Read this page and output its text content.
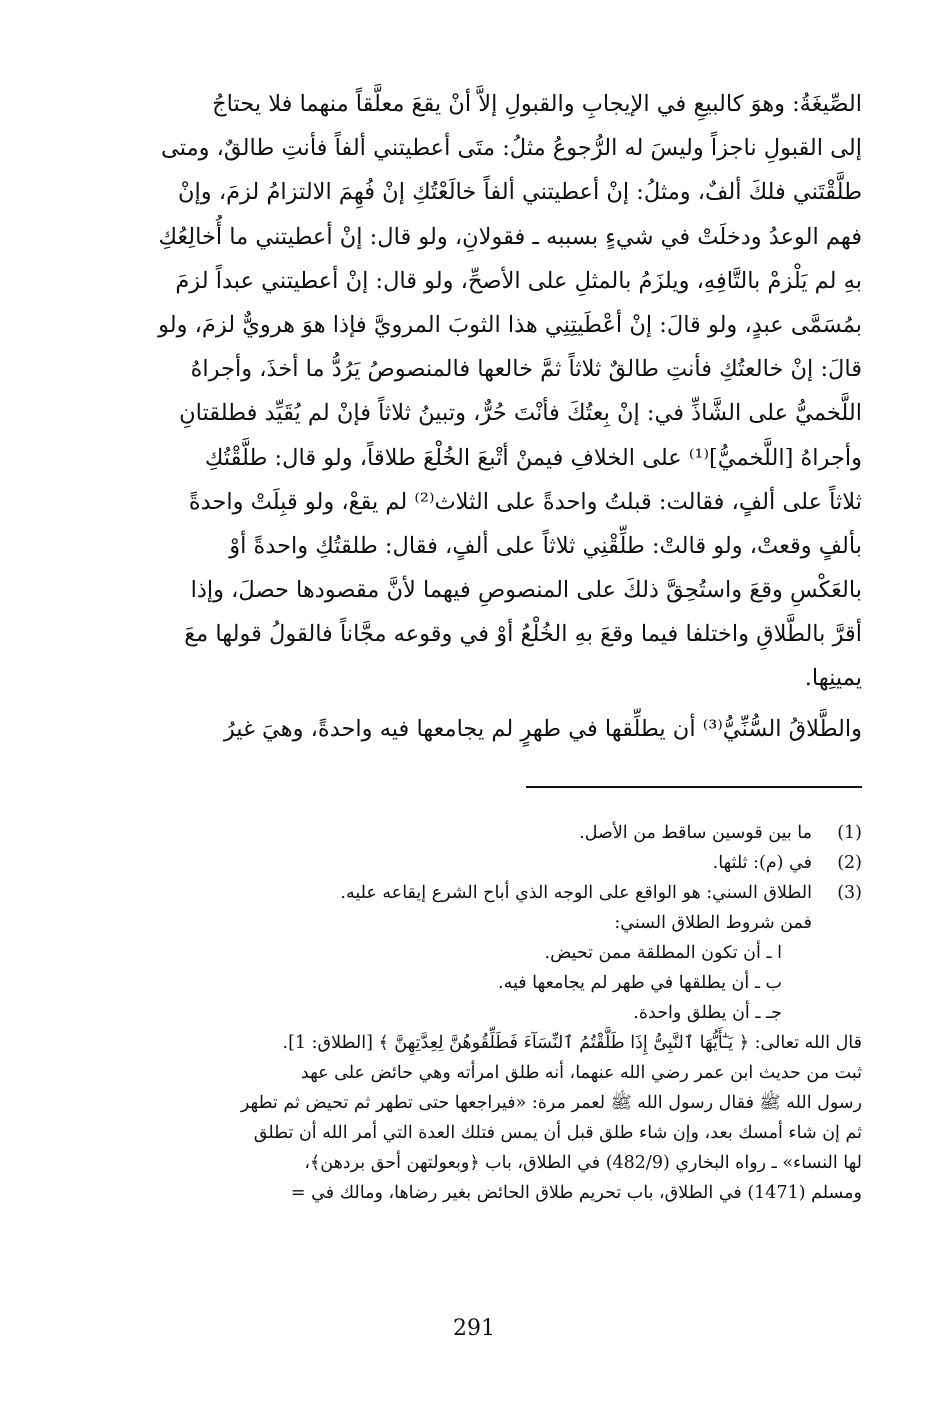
الصِّيغَةُ: وهوَ كالبيعِ في الإيجابِ والقبولِ إلاَّ أنْ يقعَ معلَّقاً منهما فلا يحتاجُ
إلى القبولِ ناجزاً وليسَ له الرُّجوعُ مثلُ: متَى أعطيتني ألفاً فأنتِ طالقٌ، ومتى
طلَّقْتَني فلكَ ألفٌ، ومثلُ: إنْ أعطيتني ألفاً خالَعْتُكِ إنْ فُهِمَ الالتزامُ لزمَ، وإنْ
فهم الوعدُ ودخلَتْ في شيءٍ بسببه ـ فقولانِ، ولو قال: إنْ أعطيتني ما أُخالِعُكِ
بهِ لم يَلْزمْ بالتَّافِهِ، ويلزَمُ بالمثلِ على الأصحِّ، ولو قال: إنْ أعطيتني عبداً لزمَ
بمُسَمَّى عبدٍ، ولو قالَ: إنْ أعْطَيتِنِي هذا الثوبَ المرويَّ فإذا هوَ هرويٌّ لزمَ، ولو
قالَ: إنْ خالعتُكِ فأنتِ طالقٌ ثلاثاً ثمَّ خالعها فالمنصوصُ يَرُدُّ ما أخذَ، وأجراهُ
اللَّخميُّ على الشَّاذِّ في: إنْ بِعتُكَ فأنْتَ حُرٌّ، وتبينُ ثلاثاً فإنْ لم يُقَيِّد فطلقتانِ
وأجراهُ [اللَّخميُّ]⁽¹⁾ على الخلافِ فيمنْ أتْبعَ الخُلْعَ طلاقاً، ولو قال: طلَّقْتُكِ
ثلاثاً على ألفٍ، فقالت: قبلتُ واحدةً على الثلاث⁽²⁾ لم يقعْ، ولو قبِلَتْ واحدةً
بألفٍ وقعتْ، ولو قالتْ: طلِّقْنِي ثلاثاً على ألفٍ، فقال: طلقتُكِ واحدةً أوْ
بالعَكْسِ وقعَ واستُحِقَّ ذلكَ على المنصوصِ فيهما لأنَّ مقصودها حصلَ، وإذا
أقرَّ بالطَّلاقِ واختلفا فيما وقعَ بهِ الخُلْعُ أوْ في وقوعه مجَّاناً فالقولُ قولها معَ
يمينِها.
والطَّلاقُ السُّنِّيُّ⁽³⁾ أن يطلِّقها في طهرٍ لم يجامعها فيه واحدةً، وهيَ غيرُ
(1)
ما بين قوسين ساقط من الأصل.
(2)
في (م): ثلثها.
(3)
الطلاق السني: هو الواقع على الوجه الذي أباح الشرع إيقاعه عليه.
فمن شروط الطلاق السني:
ا ـ أن تكون المطلقة ممن تحيض.
ب ـ أن يطلقها في طهر لم يجامعها فيه.
جـ ـ أن يطلق واحدة.
قال الله تعالى: ﴿ يَـٰٓأَيُّهَا ٱلنَّبِىُّ إِذَا طَلَّقْتُمُ ٱلنِّسَآءَ فَطَلِّقُوهُنَّ لِعِدَّتِهِنَّ ﴾ [الطلاق: 1].
ثبت من حديث ابن عمر رضي الله عنهما، أنه طلق امرأته وهي حائض على عهد
رسول الله ﷺ فقال رسول الله ﷺ لعمر مرة: «فيراجعها حتى تطهر ثم تحيض ثم تطهر
ثم إن شاء أمسك بعد، وإن شاء طلق قبل أن يمس فتلك العدة التي أمر الله أن تطلق
لها النساء» ـ رواه البخاري (482/9) في الطلاق، باب ﴿وبعولتهن أحق بردهن﴾،
ومسلم (1471) في الطلاق، باب تحريم طلاق الحائض بغير رضاها، ومالك في =
291
